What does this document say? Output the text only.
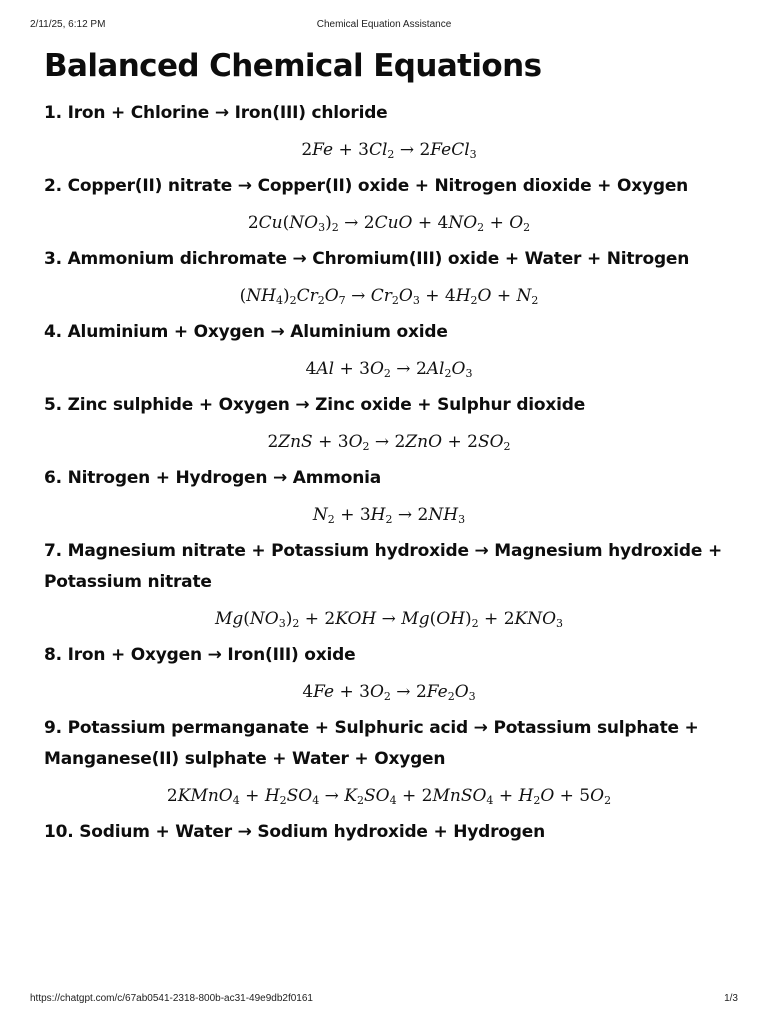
2/11/25, 6:12 PM	Chemical Equation Assistance
Balanced Chemical Equations
1. Iron + Chlorine → Iron(III) chloride
$2Fe + 3Cl_2$ → 2FeCl$_3$
2. Copper(II) nitrate → Copper(II) oxide + Nitrogen dioxide + Oxygen
$2Cu(NO_3)_2 \to 2CuO + 4NO_2 + O_2$
3. Ammonium dichromate → Chromium(III) oxide + Water + Nitrogen
$(NH_4)_2Cr_2O_7 \to Cr_2O_3 + 4H_2O + N_2$
4. Aluminium + Oxygen → Aluminium oxide
$4Al + 3O_2 \to 2Al_2O_3$
5. Zinc sulphide + Oxygen → Zinc oxide + Sulphur dioxide
$2ZnS + 3O_2 \to 2ZnO + 2SO_2$
6. Nitrogen + Hydrogen → Ammonia
$N_2 + 3H_2 \to 2NH_3$
7. Magnesium nitrate + Potassium hydroxide → Magnesium hydroxide + Potassium nitrate
$Mg(NO_3)_2 + 2KOH \to Mg(OH)_2 + 2KNO_3$
8. Iron + Oxygen → Iron(III) oxide
$4Fe + 3O_2 \to 2Fe_2O_3$
9. Potassium permanganate + Sulphuric acid → Potassium sulphate + Manganese(II) sulphate + Water + Oxygen
2KMnO$_4$ + $H_2SO_4 \to K_2SO_4$ + 2MnSO$_4$ + $H_2O + 5O_2$
10. Sodium + Water → Sodium hydroxide + Hydrogen
https://chatgpt.com/c/67ab0541-2318-800b-ac31-49e9db2f0161	1/3
